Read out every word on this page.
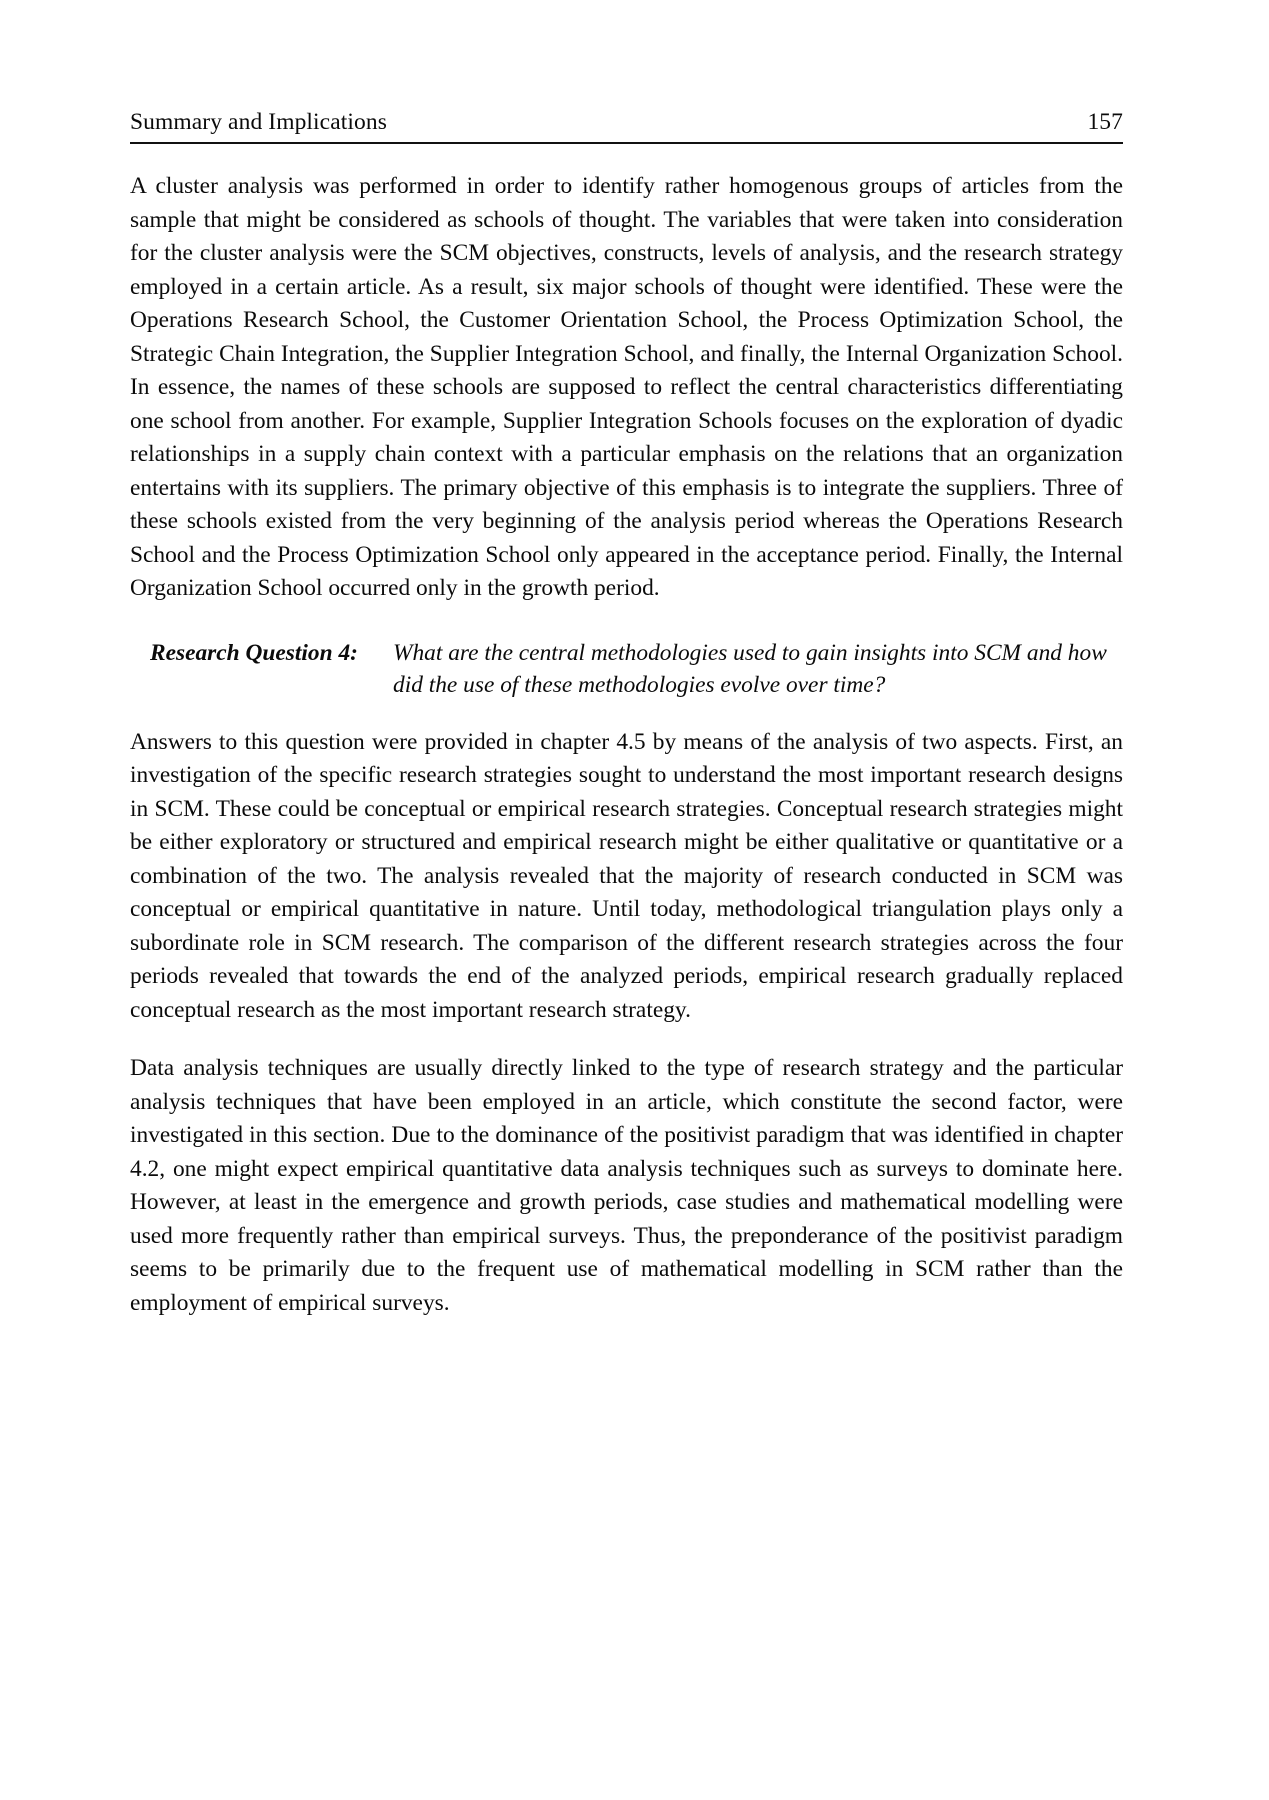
Summary and Implications	157

A cluster analysis was performed in order to identify rather homogenous groups of articles from the sample that might be considered as schools of thought. The variables that were taken into consideration for the cluster analysis were the SCM objectives, constructs, levels of analysis, and the research strategy employed in a certain article. As a result, six major schools of thought were identified. These were the Operations Research School, the Customer Orientation School, the Process Optimization School, the Strategic Chain Integration, the Supplier Integration School, and finally, the Internal Organization School. In essence, the names of these schools are supposed to reflect the central characteristics differentiating one school from another. For example, Supplier Integration Schools focuses on the exploration of dyadic relationships in a supply chain context with a particular emphasis on the relations that an organization entertains with its suppliers. The primary objective of this emphasis is to integrate the suppliers. Three of these schools existed from the very beginning of the analysis period whereas the Operations Research School and the Process Optimization School only appeared in the acceptance period. Finally, the Internal Organization School occurred only in the growth period.

Research Question 4:	What are the central methodologies used to gain insights into SCM and how did the use of these methodologies evolve over time?

Answers to this question were provided in chapter 4.5 by means of the analysis of two aspects. First, an investigation of the specific research strategies sought to understand the most important research designs in SCM. These could be conceptual or empirical research strategies. Conceptual research strategies might be either exploratory or structured and empirical research might be either qualitative or quantitative or a combination of the two. The analysis revealed that the majority of research conducted in SCM was conceptual or empirical quantitative in nature. Until today, methodological triangulation plays only a subordinate role in SCM research. The comparison of the different research strategies across the four periods revealed that towards the end of the analyzed periods, empirical research gradually replaced conceptual research as the most important research strategy.

Data analysis techniques are usually directly linked to the type of research strategy and the particular analysis techniques that have been employed in an article, which constitute the second factor, were investigated in this section. Due to the dominance of the positivist paradigm that was identified in chapter 4.2, one might expect empirical quantitative data analysis techniques such as surveys to dominate here. However, at least in the emergence and growth periods, case studies and mathematical modelling were used more frequently rather than empirical surveys. Thus, the preponderance of the positivist paradigm seems to be primarily due to the frequent use of mathematical modelling in SCM rather than the employment of empirical surveys.
